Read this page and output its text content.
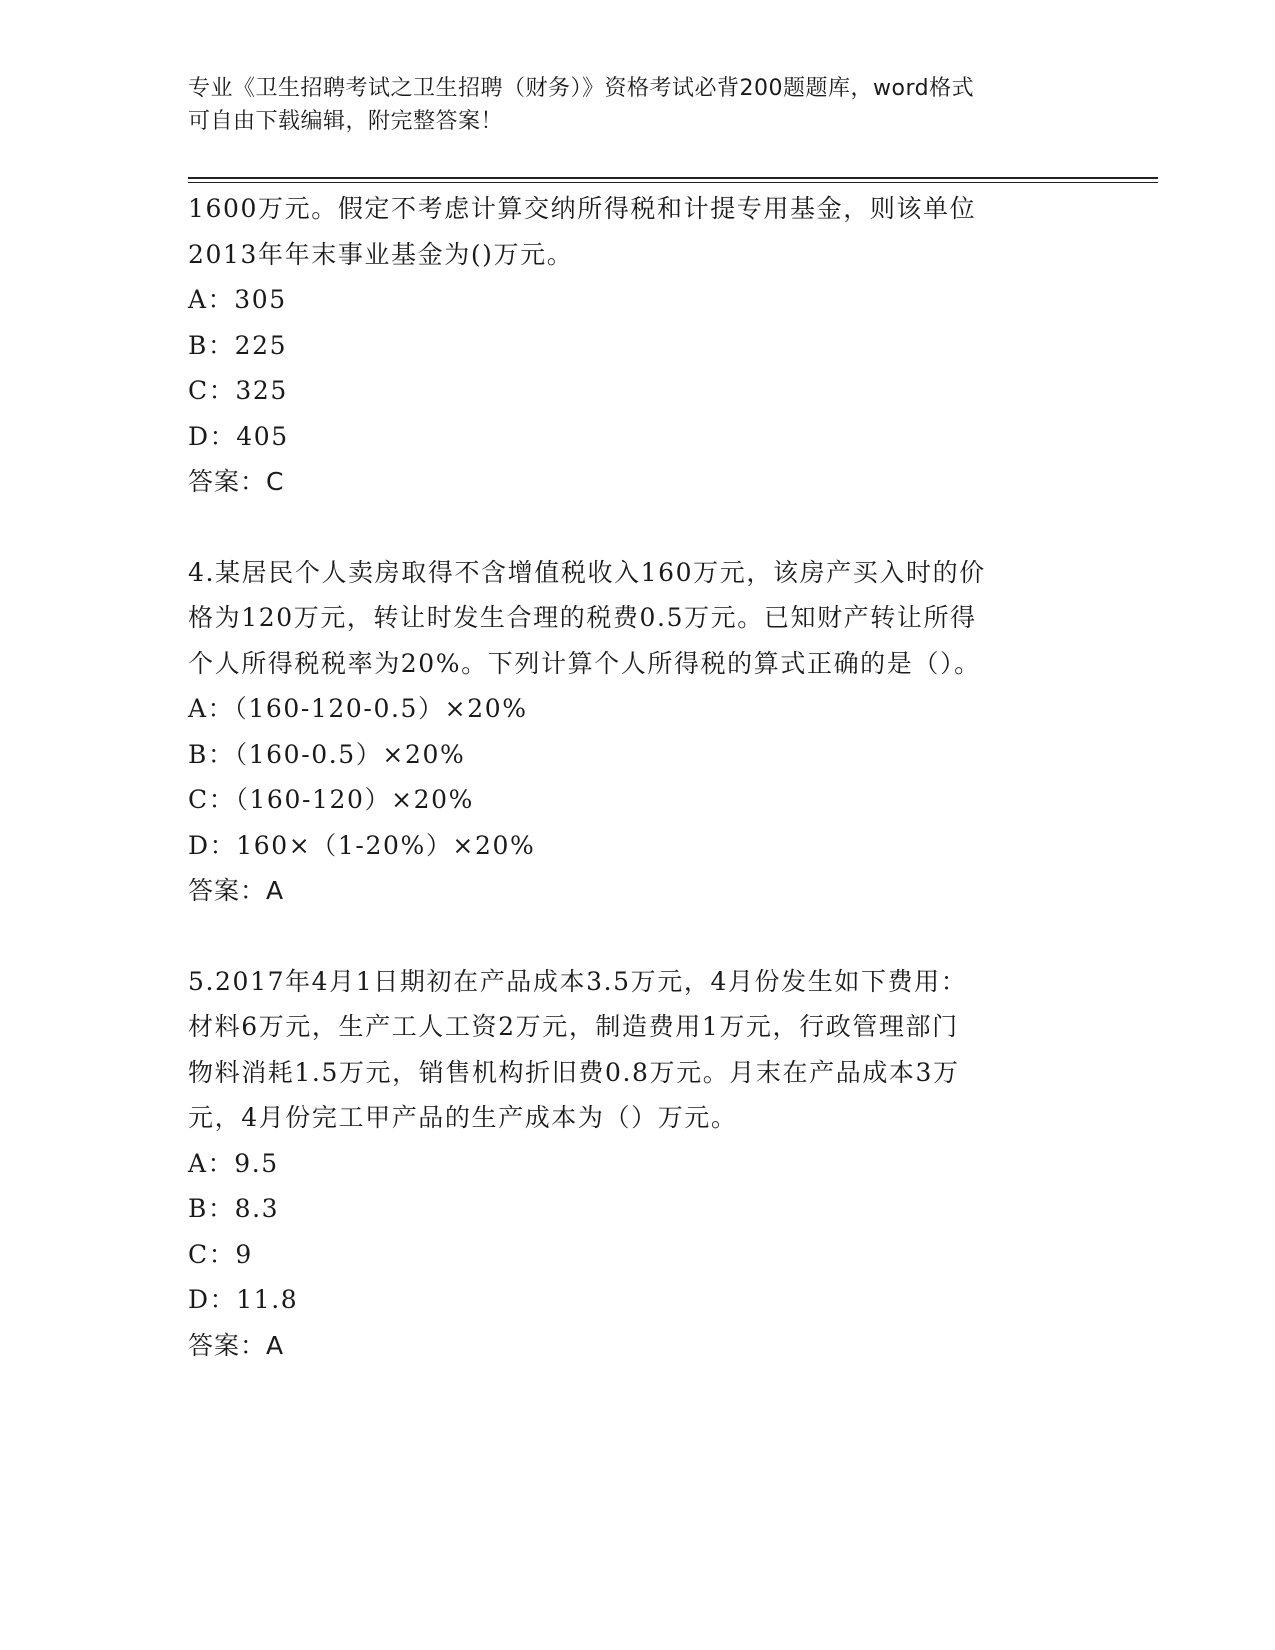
专业《卫生招聘考试之卫生招聘（财务）》资格考试必背200题题库，word格式
可自由下载编辑，附完整答案！
1600万元。假定不考虑计算交纳所得税和计提专用基金，则该单位
2013年年末事业基金为()万元。
A：305
B：225
C：325
D：405
答案：C
4.某居民个人卖房取得不含增值税收入160万元，该房产买入时的价
格为120万元，转让时发生合理的税费0.5万元。已知财产转让所得
个人所得税税率为20%。下列计算个人所得税的算式正确的是（）。
A：（160-120-0.5）×20%
B：（160-0.5）×20%
C：（160-120）×20%
D：160×（1-20%）×20%
答案：A
5.2017年4月1日期初在产品成本3.5万元，4月份发生如下费用：
材料6万元，生产工人工资2万元，制造费用1万元，行政管理部门
物料消耗1.5万元，销售机构折旧费0.8万元。月末在产品成本3万
元，4月份完工甲产品的生产成本为（）万元。
A：9.5
B：8.3
C：9
D：11.8
答案：A
